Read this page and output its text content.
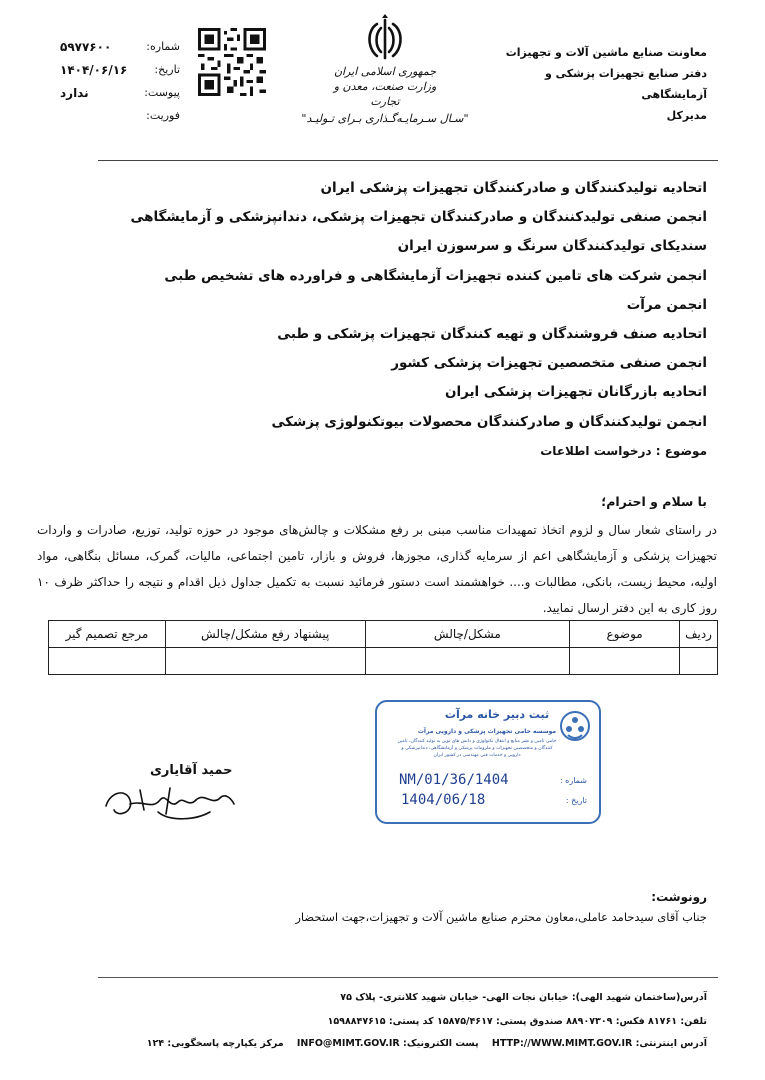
شماره:
۵۹۷۷۶۰۰
تاریخ:
۱۴۰۴/۰۶/۱۶
پیوست:
ندارد
فوریت:
جمهوری اسلامی ایران
وزارت صنعت، معدن و تجارت
"سـال سـرمایـه‌گـذاری بـرای تـولیـد"
معاونت صنایع ماشین آلات و تجهیزات
دفتر صنایع تجهیزات پزشکی و آزمایشگاهی
مدیرکل
اتحادیه تولیدکنندگان و صادرکنندگان تجهیزات پزشکی ایران
انجمن صنفی تولیدکنندگان و صادرکنندگان تجهیزات پزشکی، دندانپزشکی و آزمایشگاهی
سندیکای تولیدکنندگان سرنگ و سرسوزن ایران
انجمن شرکت های تامین کننده تجهیزات آزمایشگاهی و فراورده های تشخیص طبی
انجمن مرآت
اتحادیه صنف فروشندگان و تهیه کنندگان تجهیزات پزشکی و طبی
انجمن صنفی متخصصین تجهیزات پزشکی کشور
اتحادیه بازرگانان تجهیزات پزشکی ایران
انجمن تولیدکنندگان و صادرکنندگان محصولات بیوتکنولوژی پزشکی
موضوع : درخواست اطلاعات
با سلام و احترام؛
در راستای شعار سال و لزوم اتخاذ تمهیدات مناسب مبنی بر رفع مشکلات و چالش‌های موجود در حوزه تولید، توزیع، صادرات و واردات تجهیزات پزشکی و آزمایشگاهی اعم از سرمایه گذاری، مجوزها، فروش و بازار، تامین اجتماعی، مالیات، گمرک، مسائل بنگاهی، مواد اولیه، محیط زیست، بانکی، مطالبات و.... خواهشمند است دستور فرمائید نسبت به تکمیل جداول ذیل اقدام و نتیجه را حداکثر ظرف ۱۰ روز کاری به این دفتر ارسال نمایید.
ردیف	موضوع	مشکل/چالش	پیشنهاد رفع مشکل/چالش	مرجع تصمیم گیر

حمید آقایاری
ثبت دبیر خانه مرآت
موسسه حامی تجهیزات پزشکی و دارویی مرآت
حامی تامین و نشر منابع و انتقال تکنولوژی و دانش های نوین به تولید کنندگان، تامین کنندگان و متخصصین تجهیزات و ملزومات پزشکی و آزمایشگاهی، دندانپزشکی و دارویی و خدمات فنی مهندسی در کشور ایران
شماره :
تاریخ :
1404/NM/01/36
1404/06/18
رونوشت:
جناب آقای سیدحامد عاملی،معاون محترم صنایع ماشین آلات و تجهیزات،جهت استحضار
آدرس(ساختمان شهید الهی): خیابان نجات الهی- خیابان شهید کلانتری- پلاک ۷۵
تلفن: ۸۱۷۶۱ فکس: ۸۸۹۰۷۳۰۹ صندوق پستی: ۱۵۸۷۵/۴۶۱۷ کد پستی: ۱۵۹۸۸۴۷۶۱۵
آدرس اینترنتی: HTTP://WWW.MIMT.GOV.IR    پست الکترونیک: INFO@MIMT.GOV.IR    مرکز یکپارچه پاسخگویی: ۱۲۴
